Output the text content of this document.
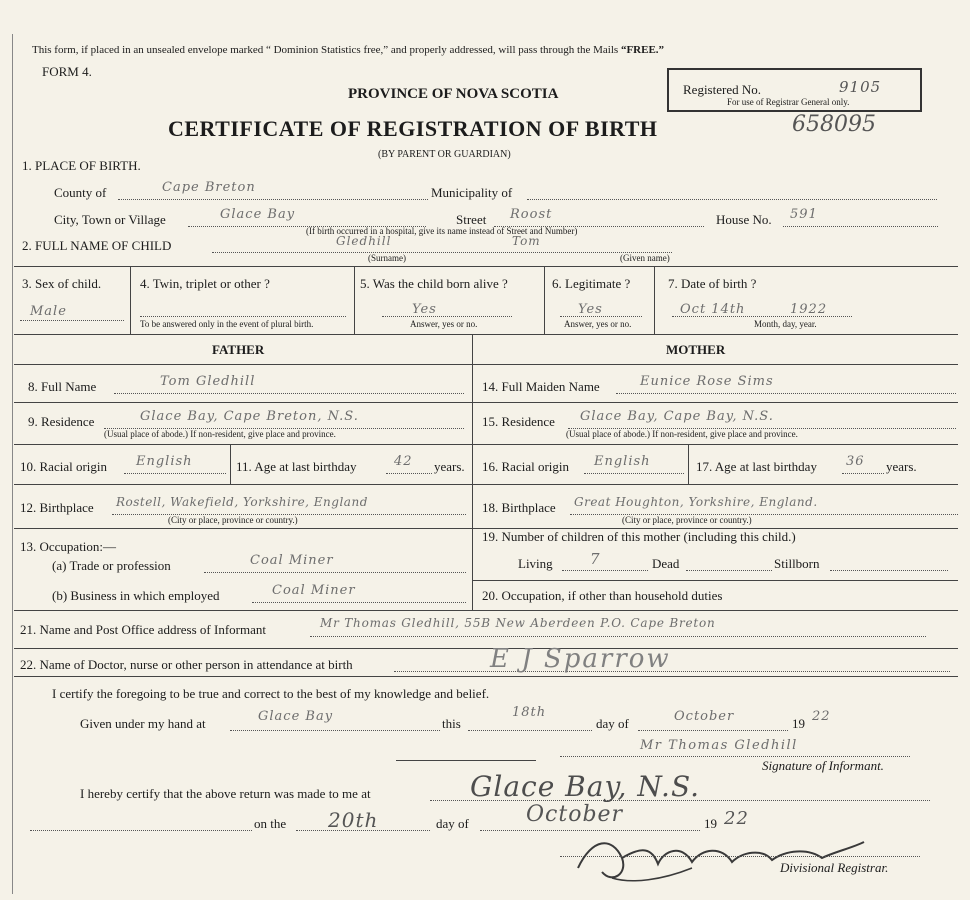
This form, if placed in an unsealed envelope marked “ Dominion Statistics free,” and properly addressed, will pass through the Mails “FREE.”
FORM 4.
PROVINCE OF NOVA SCOTIA	Registered No.	9105
For use of Registrar General only.
CERTIFICATE OF REGISTRATION OF BIRTH	658095
(BY PARENT OR GUARDIAN)
1. PLACE OF BIRTH.
County of	Cape Breton	Municipality of
City, Town or Village	Glace Bay	Street Roost	House No. 591
(If birth occurred in a hospital, give its name instead of Street and Number)
2. FULL NAME OF CHILD	Gledhill	Tom
(Surname)	(Given name)
3. Sex of child.
Male
4. Twin, triplet or other ?
To be answered only in the event of plural birth.
5. Was the child born alive ?
Yes
Answer, yes or no.
6. Legitimate ?
Yes
Answer, yes or no.
7. Date of birth ?
Oct 14th	1922
Month, day, year.
FATHER	MOTHER
8. Full Name	Tom Gledhill
9. Residence	Glace Bay, Cape Breton, N.S.
(Usual place of abode.) If non-resident, give place and province.
10. Racial origin English	11. Age at last birthday	42 years.
12. Birthplace Rostell, Wakefield, Yorkshire, England
(City or place, province or country.)
13. Occupation:—
(a) Trade or profession	Coal Miner
(b) Business in which employed	Coal Miner
14. Full Maiden Name	Eunice Rose Sims
15. Residence Glace Bay, Cape Bay, N.S.
(Usual place of abode.) If non-resident, give place and province.
16. Racial origin English	17. Age at last birthday 36 years.
18. Birthplace Great Houghton, Yorkshire, England.
(City or place, province or country.)
19. Number of children of this mother (including this child.)
Living 7	Dead	Stillborn
20. Occupation, if other than household duties
21. Name and Post Office address of Informant	Mr Thomas Gledhill, 55B New Aberdeen P.O. Cape Breton
22. Name of Doctor, nurse or other person in attendance at birth	E J Sparrow
I certify the foregoing to be true and correct to the best of my knowledge and belief.
Given under my hand at	Glace Bay	this
18th
day of	October	19 22
Mr Thomas Gledhill
Signature of Informant.
I hereby certify that the above return was made to me at	Glace Bay, N.S.
on the 20th	day of	October	19 22
Divisional Registrar.
